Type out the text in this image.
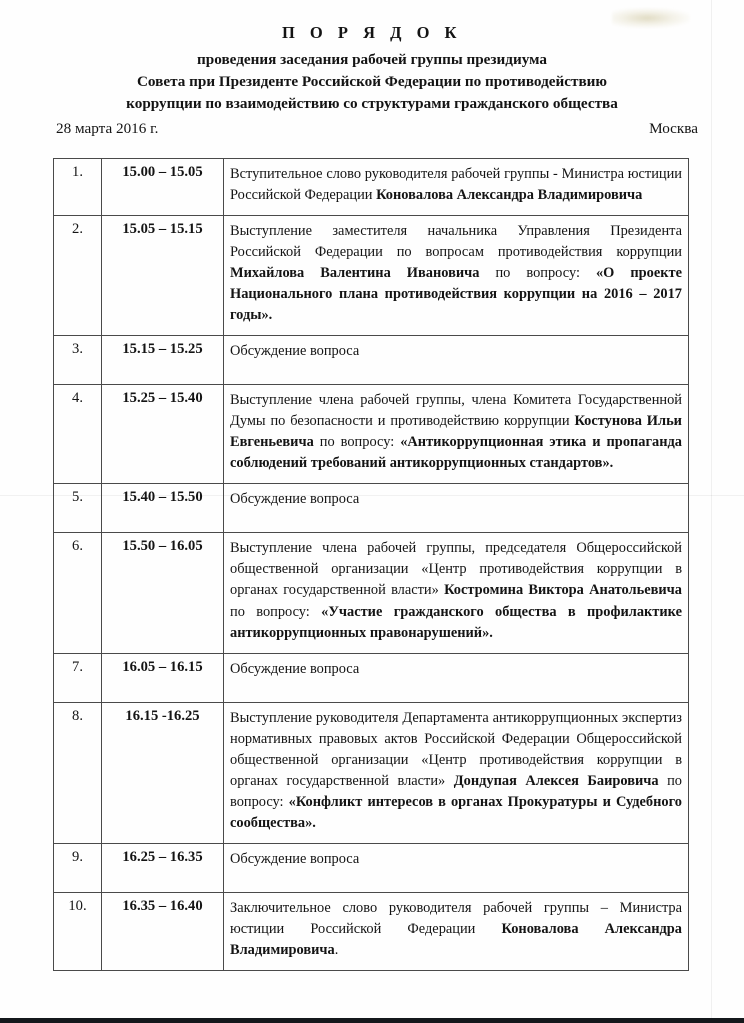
П О Р Я Д О К
проведения заседания рабочей группы президиума
Совета при Президенте Российской Федерации по противодействию
коррупции по взаимодействию со структурами гражданского общества
28 марта 2016 г.	Москва
1.	15.00 – 15.05	Вступительное слово руководителя рабочей группы - Министра юстиции Российской Федерации Коновалова Александра Владимировича
2.	15.05 – 15.15	Выступление заместителя начальника Управления Президента Российской Федерации по вопросам противодействия коррупции Михайлова Валентина Ивановича по вопросу: «О проекте Национального плана противодействия коррупции на 2016 – 2017 годы».
3.	15.15 – 15.25	Обсуждение вопроса
4.	15.25 – 15.40	Выступление члена рабочей группы, члена Комитета Государственной Думы по безопасности и противодействию коррупции Костунова Ильи Евгеньевича по вопросу: «Антикоррупционная этика и пропаганда соблюдений требований антикоррупционных стандартов».
5.	15.40 – 15.50	Обсуждение вопроса
6.	15.50 – 16.05	Выступление члена рабочей группы, председателя Общероссийской общественной организации «Центр противодействия коррупции в органах государственной власти» Костромина Виктора Анатольевича по вопросу: «Участие гражданского общества в профилактике антикоррупционных правонарушений».
7.	16.05 – 16.15	Обсуждение вопроса
8.	16.15 -16.25	Выступление руководителя Департамента антикоррупционных экспертиз нормативных правовых актов Российской Федерации Общероссийской общественной организации «Центр противодействия коррупции в органах государственной власти» Дондупая Алексея Баировича по вопросу: «Конфликт интересов в органах Прокуратуры и Судебного сообщества».
9.	16.25 – 16.35	Обсуждение вопроса
10.	16.35 – 16.40	Заключительное слово руководителя рабочей группы – Министра юстиции Российской Федерации Коновалова Александра Владимировича.
